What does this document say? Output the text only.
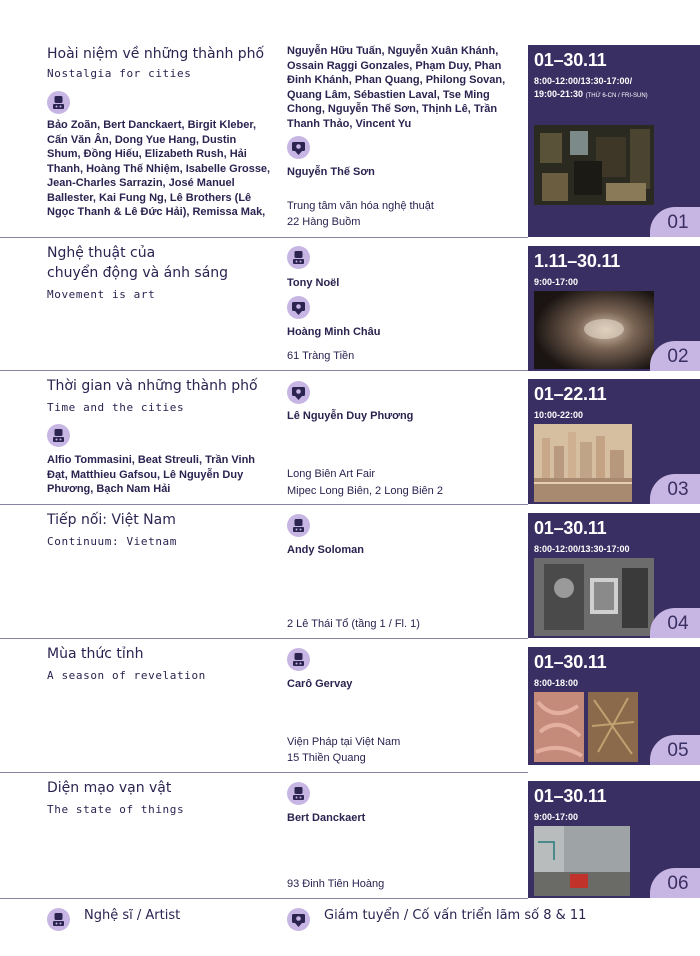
Hoài niệm về những thành phố
Nostalgia for cities
Bảo Zoãn, Bert Danckaert, Birgit Kleber, Cấn Văn Ân, Dong Yue Hang, Dustin Shum, Đồng Hiếu, Elizabeth Rush, Hải Thanh, Hoàng Thế Nhiệm, Isabelle Grosse, Jean-Charles Sarrazin, José Manuel Ballester, Kai Fung Ng, Lê Brothers (Lê Ngọc Thanh & Lê Đức Hải), Remissa Mak,
Nguyễn Hữu Tuấn, Nguyễn Xuân Khánh, Ossain Raggi Gonzales, Phạm Duy, Phan Đinh Khánh, Phan Quang, Philong Sovan, Quang Lâm, Sébastien Laval, Tse Ming Chong, Nguyễn Thế Sơn, Thịnh Lê, Trần Thanh Thảo, Vincent Yu
Nguyễn Thế Sơn
Trung tâm văn hóa nghệ thuật
22 Hàng Buồm
01–30.11
8:00-12:00/13:30-17:00/
19:00-21:30 (THỨ 6-CN / FRI-SUN)
01
Nghệ thuật của
chuyển động và ánh sáng
Movement is art
Tony Noël
Hoàng Minh Châu
61 Tràng Tiền
1.11–30.11
9:00-17:00
02
Thời gian và những thành phố
Time and the cities
Alfio Tommasini, Beat Streuli, Trần Vinh Đạt, Matthieu Gafsou, Lê Nguyễn Duy Phương, Bạch Nam Hải
Lê Nguyễn Duy Phương
Long Biên Art Fair
Mipec Long Biên, 2 Long Biên 2
01–22.11
10:00-22:00
03
Tiếp nối: Việt Nam
Continuum: Vietnam
Andy Soloman
2 Lê Thái Tổ (tầng 1 / Fl. 1)
01–30.11
8:00-12:00/13:30-17:00
04
Mùa thức tỉnh
A season of revelation
Carô Gervay
Viện Pháp tại Việt Nam
15 Thiền Quang
01–30.11
8:00-18:00
05
Diện mạo vạn vật
The state of things
Bert Danckaert
93 Đinh Tiên Hoàng
01–30.11
9:00-17:00
06
Nghệ sĩ / Artist	Giám tuyển / Cố vấn triển lãm số 8 & 11
